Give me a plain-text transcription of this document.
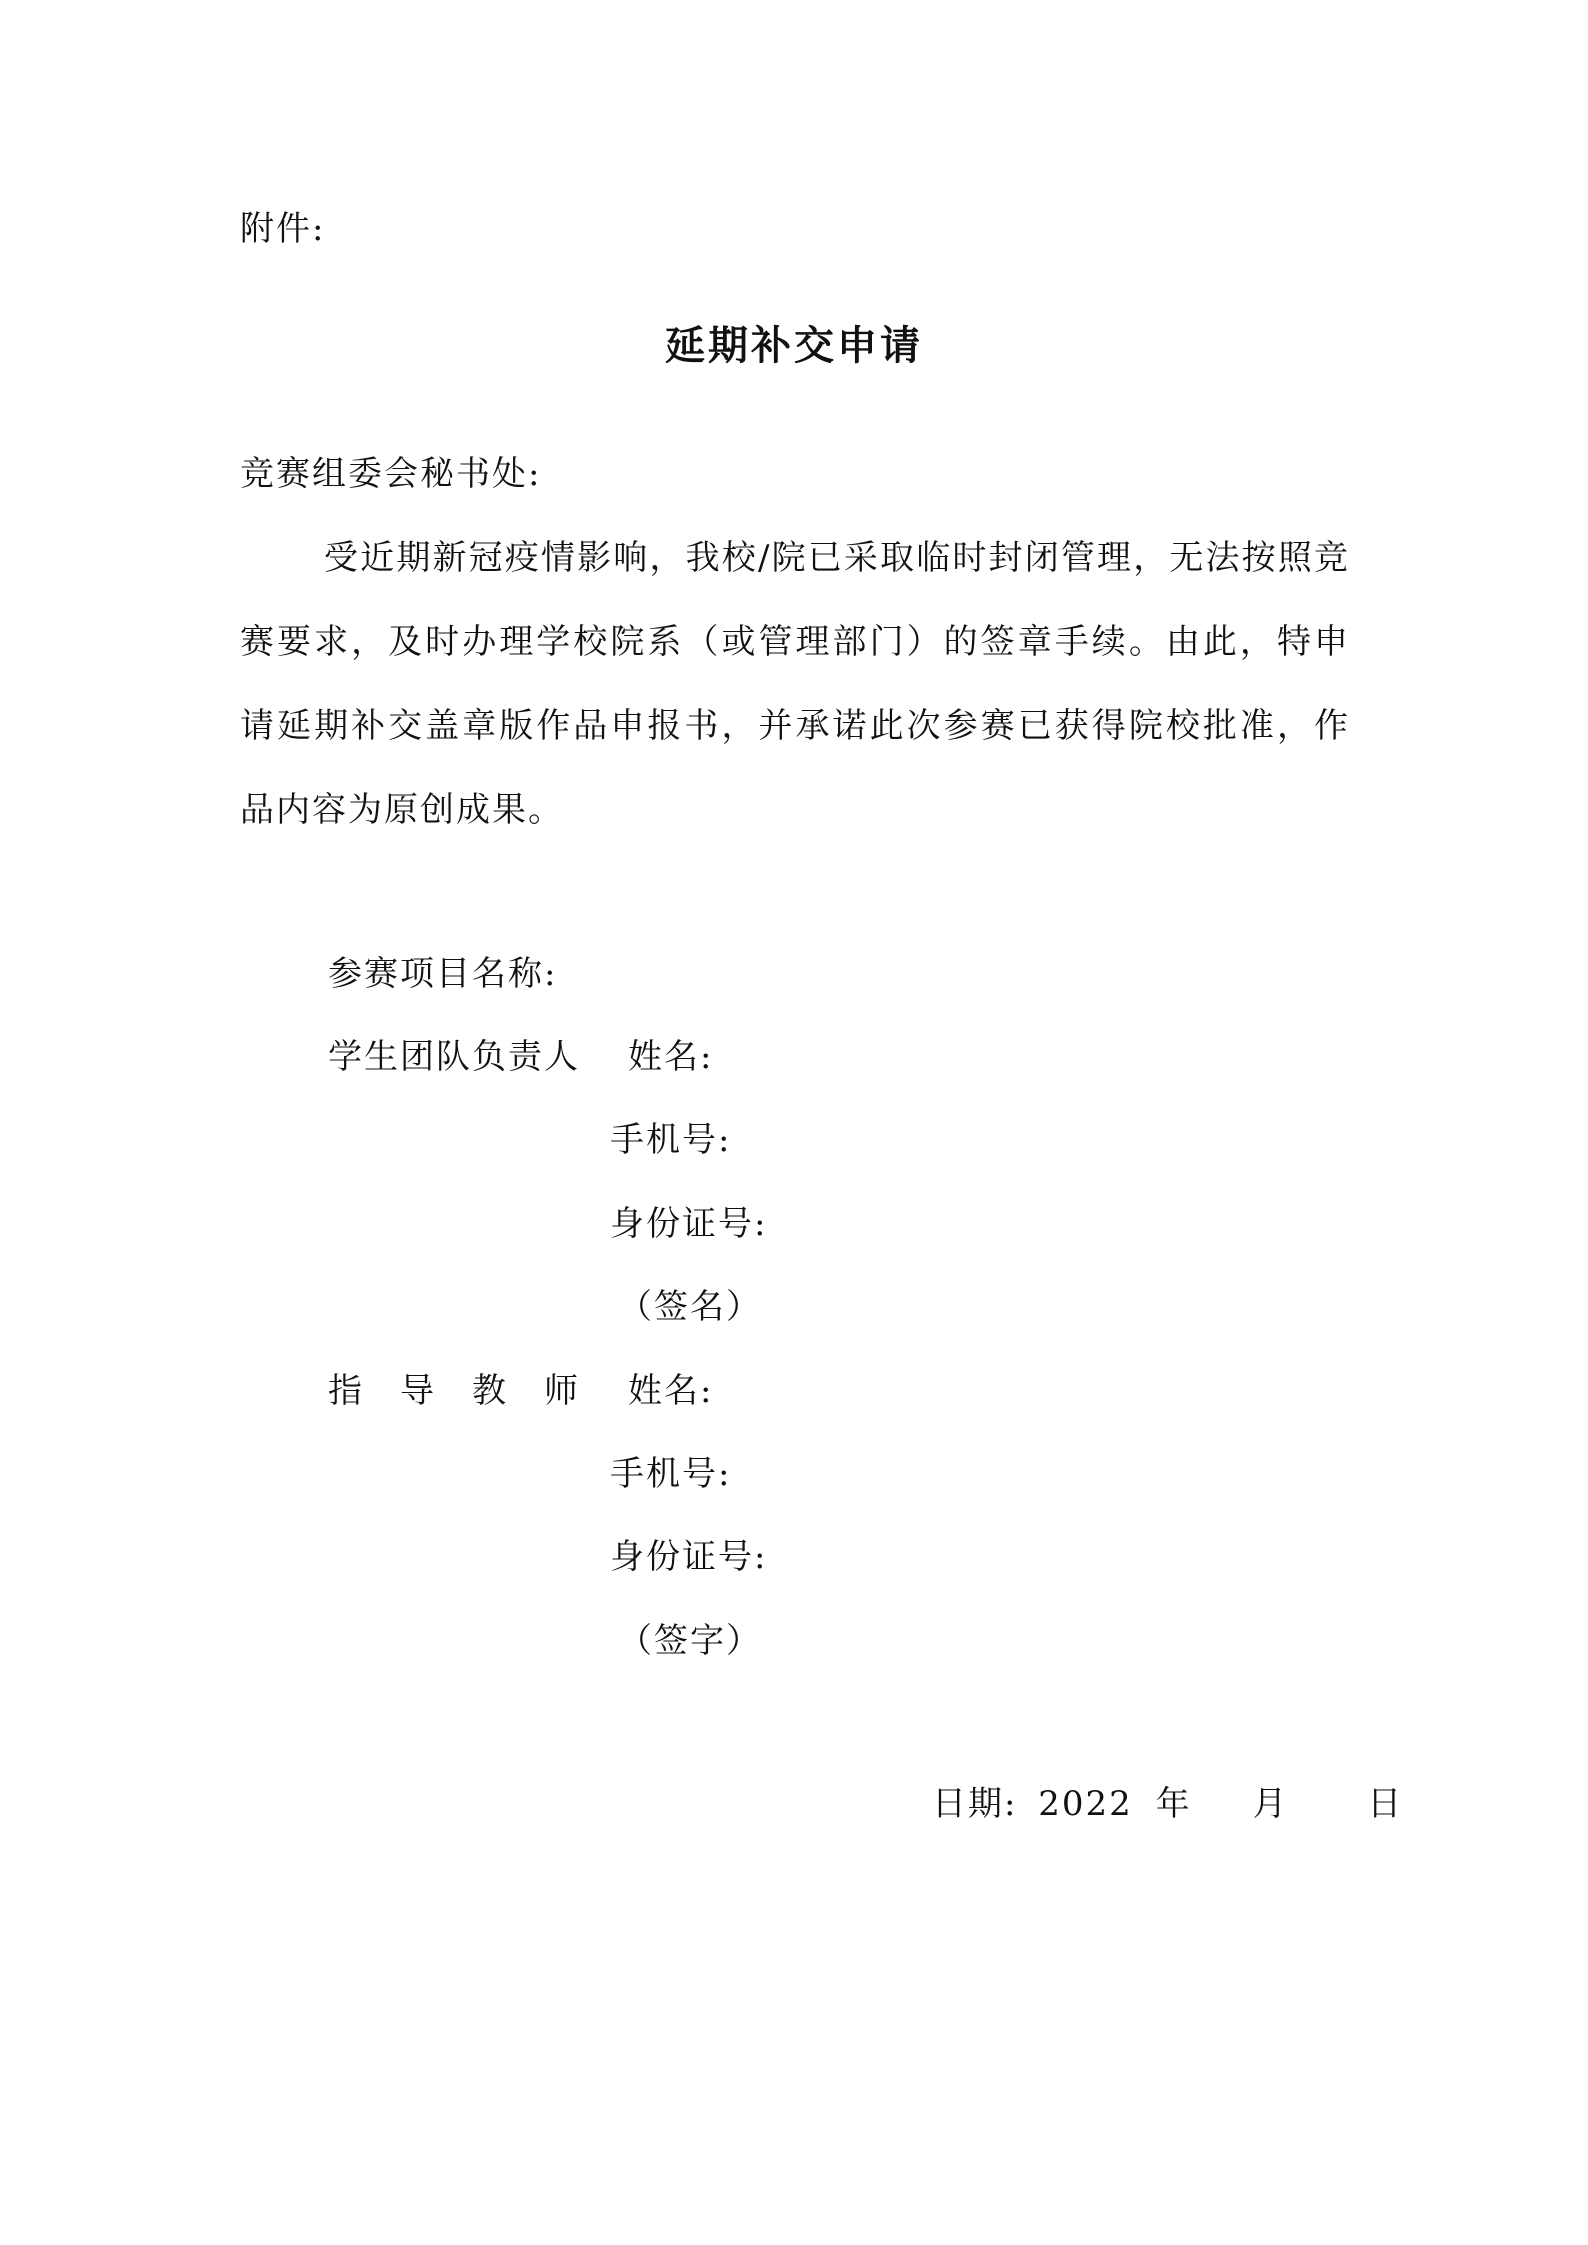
附件:

延期补交申请

竞赛组委会秘书处:

受近期新冠疫情影响，我校/院已采取临时封闭管理，无法按照竞赛要求，及时办理学校院系（或管理部门）的签章手续。由此，特申请延期补交盖章版作品申报书，并承诺此次参赛已获得院校批准，作品内容为原创成果。

参赛项目名称:

学生团队负责人 姓名:

手机号:

身份证号:

（签名）

指导教师 姓名:

手机号:

身份证号:

（签字）

日期: 2022 年 月 日
